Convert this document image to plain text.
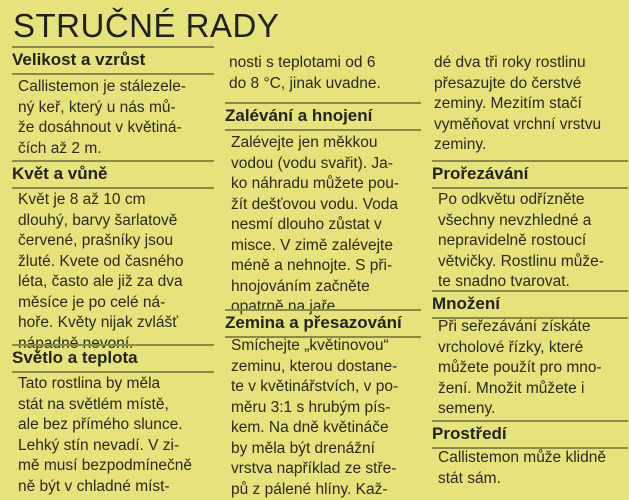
STRUČNÉ RADY
Velikost a vzrůst

Callistemon je stálezele-
ný keř, který u nás mů-
že dosáhnout v květiná-
čích až 2 m.

Květ a vůně

Květ je 8 až 10 cm
dlouhý, barvy šarlatově
červené, prašníky jsou
žluté. Kvete od časného
léta, často ale již za dva
měsíce je po celé ná-
hoře. Květy nijak zvlášť
nápadně nevoní.

Světlo a teplota

Tato rostlina by měla
stát na světlém místě,
ale bez přímého slunce.
Lehký stín nevadí. V zi-
mě musí bezpodmínečně
ně být v chladné míst-

nosti s teplotami od 6
do 8 °C, jinak uvadne.

Zalévání a hnojení

Zalévejte jen měkkou
vodou (vodu svařit). Ja-
ko náhradu můžete pou-
žít dešťovou vodu. Voda
nesmí dlouho zůstat v
misce. V zimě zalévejte
méně a nehnojte. S při-
hnojováním začněte
opatrně na jaře.

Zemina a přesazování

Smíchejte „květinovou“
zeminu, kterou dostane-
te v květinářstvích, v po-
měru 3:1 s hrubým pís-
kem. Na dně květináče
by měla být drenážní
vrstva například ze stře-
pů z pálené hlíny. Kaž-

dé dva tři roky rostlinu
přesazujte do čerstvé
zeminy. Mezitím stačí
vyměňovat vrchní vrstvu
zeminy.

Prořezávání

Po odkvětu odřízněte
všechny nevzhledné a
nepravidelně rostoucí
větvičky. Rostlinu může-
te snadno tvarovat.

Množení

Při seřezávání získáte
vrcholové řízky, které
můžete použít pro mno-
žení. Množit můžete i
semeny.

Prostředí

Callistemon může klidně
stát sám.
